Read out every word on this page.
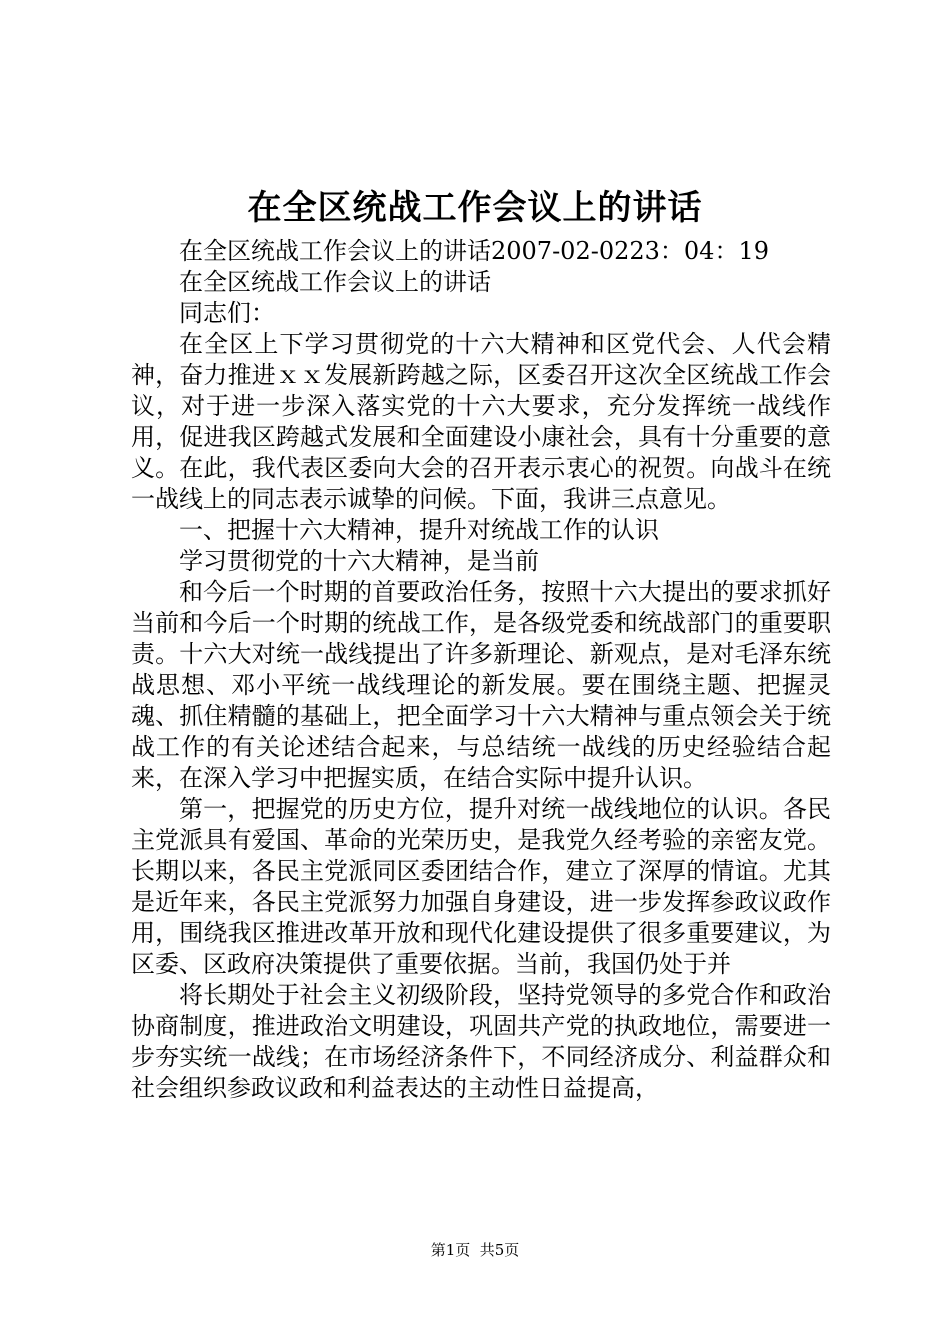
在全区统战工作会议上的讲话

在全区统战工作会议上的讲话2007-02-0223：04：19

在全区统战工作会议上的讲话

同志们：

在全区上下学习贯彻党的十六大精神和区党代会、人代会精神，奋力推进ｘｘ发展新跨越之际，区委召开这次全区统战工作会议，对于进一步深入落实党的十六大要求，充分发挥统一战线作用，促进我区跨越式发展和全面建设小康社会，具有十分重要的意义。在此，我代表区委向大会的召开表示衷心的祝贺。向战斗在统一战线上的同志表示诚挚的问候。下面，我讲三点意见。

一、把握十六大精神，提升对统战工作的认识

学习贯彻党的十六大精神，是当前

和今后一个时期的首要政治任务，按照十六大提出的要求抓好当前和今后一个时期的统战工作，是各级党委和统战部门的重要职责。十六大对统一战线提出了许多新理论、新观点，是对毛泽东统战思想、邓小平统一战线理论的新发展。要在围绕主题、把握灵魂、抓住精髓的基础上，把全面学习十六大精神与重点领会关于统战工作的有关论述结合起来，与总结统一战线的历史经验结合起来，在深入学习中把握实质，在结合实际中提升认识。

第一，把握党的历史方位，提升对统一战线地位的认识。各民主党派具有爱国、革命的光荣历史，是我党久经考验的亲密友党。长期以来，各民主党派同区委团结合作，建立了深厚的情谊。尤其是近年来，各民主党派努力加强自身建设，进一步发挥参政议政作用，围绕我区推进改革开放和现代化建设提供了很多重要建议，为区委、区政府决策提供了重要依据。当前，我国仍处于并

将长期处于社会主义初级阶段，坚持党领导的多党合作和政治协商制度，推进政治文明建设，巩固共产党的执政地位，需要进一步夯实统一战线；在市场经济条件下，不同经济成分、利益群众和社会组织参政议政和利益表达的主动性日益提高，

第1页  共5页
